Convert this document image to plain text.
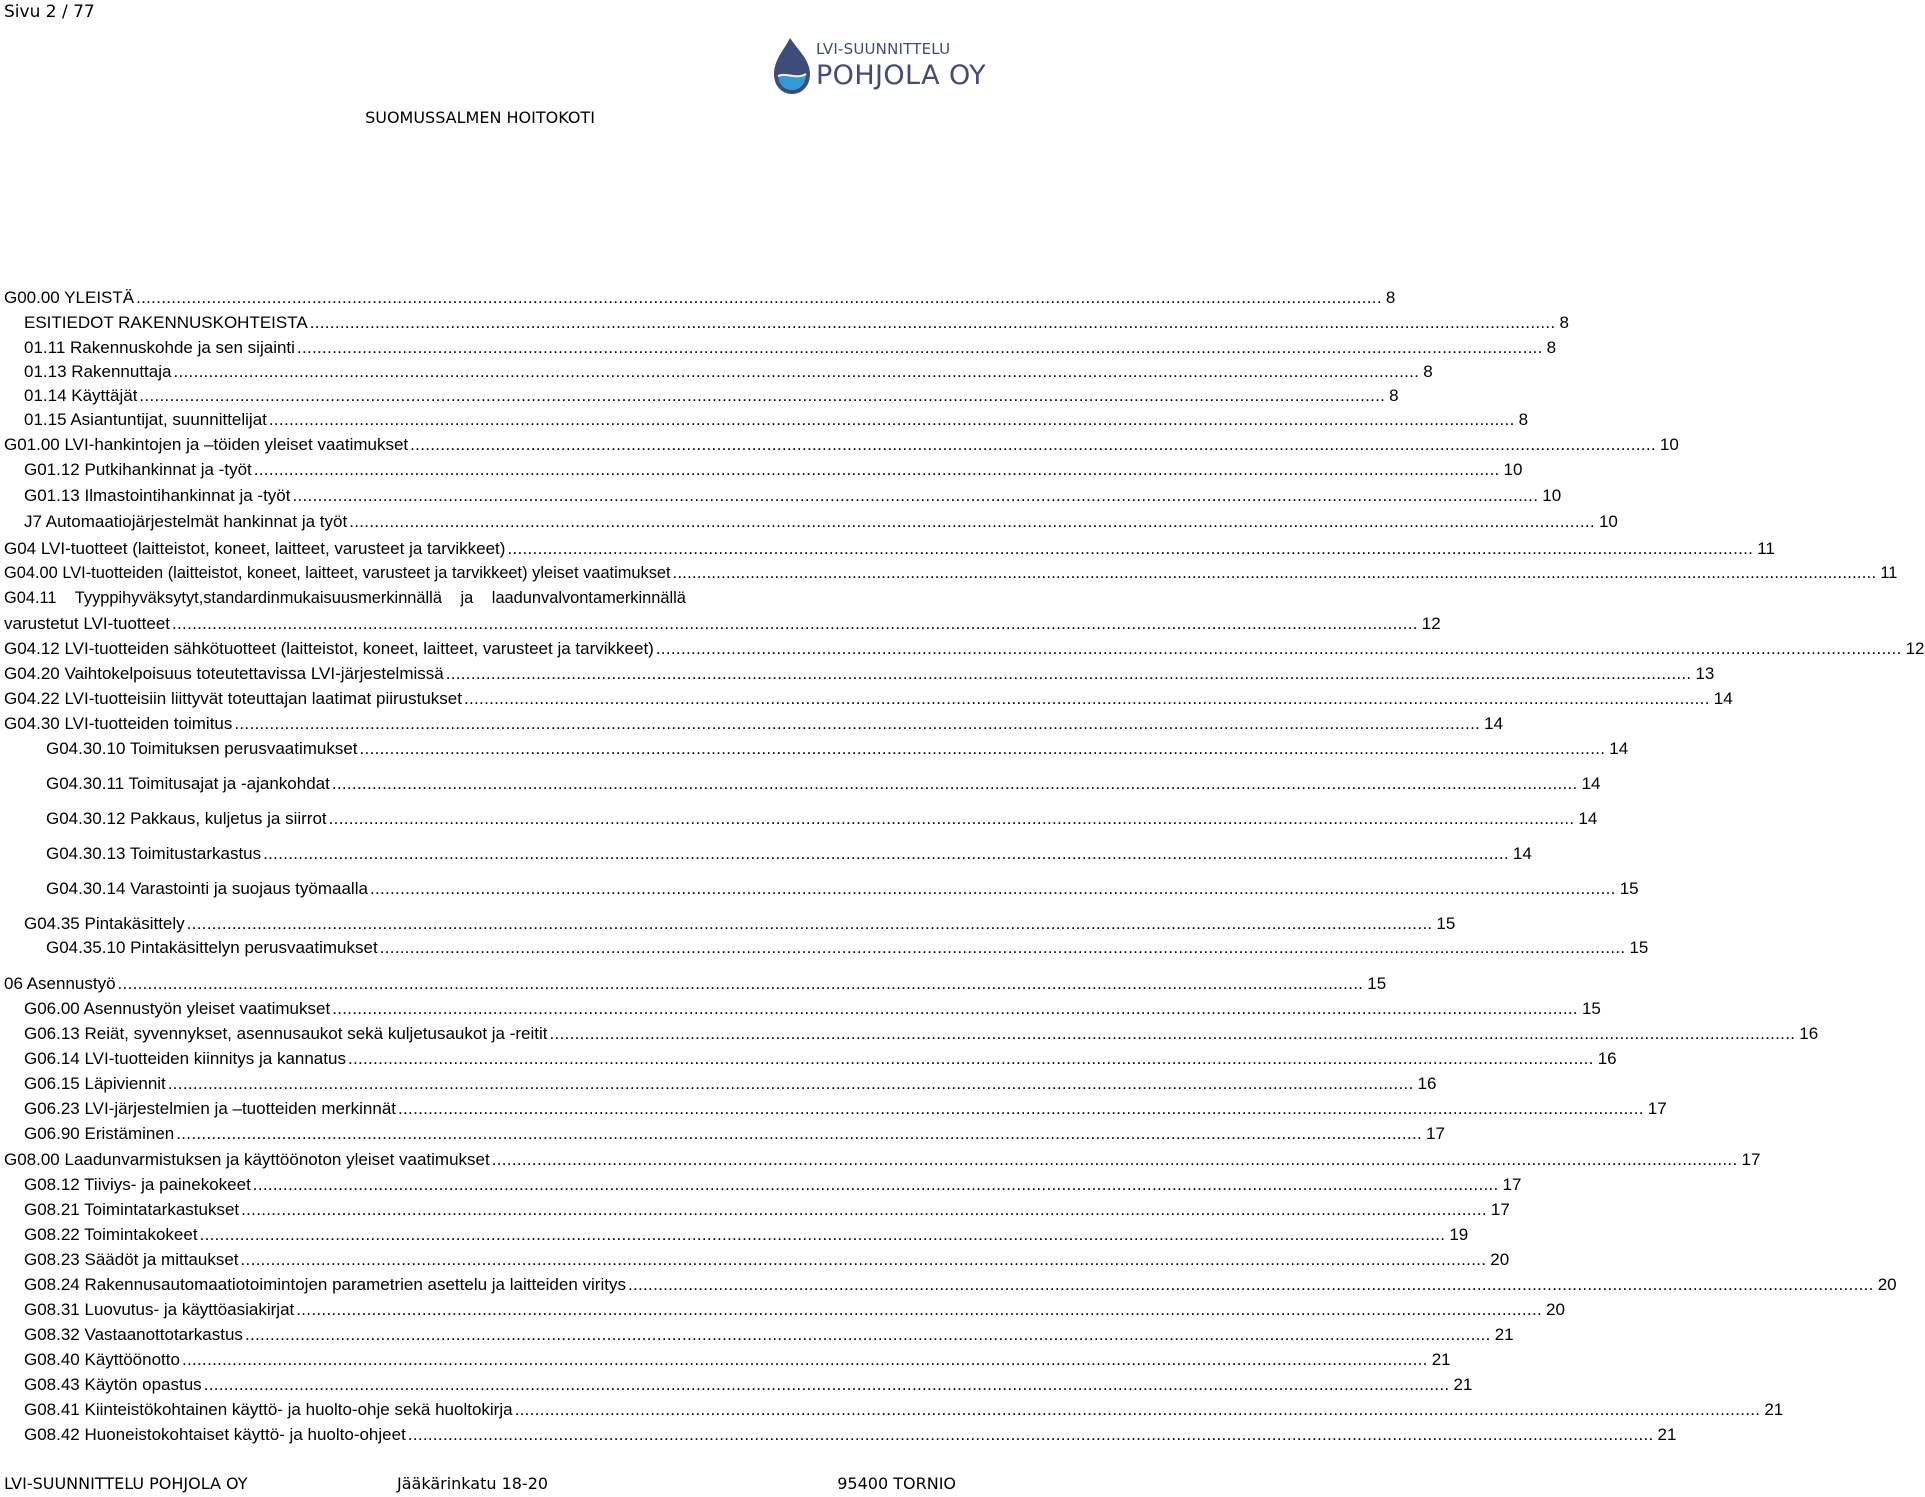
Sivu 2 / 77
LVI-SUUNNITTELU
POHJOLA OY
SUOMUSSALMEN HOITOKOTI
G00.00 YLEISTÄ .....	8
ESITIEDOT RAKENNUSKOHTEISTA .....	8
01.11 Rakennuskohde ja sen sijainti .....	8
01.13 Rakennuttaja .....	8
01.14 Käyttäjät .....	8
01.15 Asiantuntijat, suunnittelijat .....	8
G01.00 LVI-hankintojen ja –töiden yleiset vaatimukset .....	10
G01.12 Putkihankinnat ja -työt .....	10
G01.13 Ilmastointihankinnat ja -työt .....	10
J7 Automaatiojärjestelmät hankinnat ja työt .....	10
G04 LVI-tuotteet (laitteistot, koneet, laitteet, varusteet ja tarvikkeet) .....	11
G04.00 LVI-tuotteiden (laitteistot, koneet, laitteet, varusteet ja tarvikkeet) yleiset vaatimukset .....	11
G04.11 Tyyppihyväksytyt,standardinmukaisuusmerkinnällä ja laadunvalvontamerkinnällä
varustetut LVI-tuotteet .....	12
G04.12 LVI-tuotteiden sähkötuotteet (laitteistot, koneet, laitteet, varusteet ja tarvikkeet) .....	12
G04.20 Vaihtokelpoisuus toteutettavissa LVI-järjestelmissä .....	13
G04.22 LVI-tuotteisiin liittyvät toteuttajan laatimat piirustukset .....	14
G04.30 LVI-tuotteiden toimitus .....	14
G04.30.10 Toimituksen perusvaatimukset .....	14
G04.30.11 Toimitusajat ja -ajankohdat .....	14
G04.30.12 Pakkaus, kuljetus ja siirrot .....	14
G04.30.13 Toimitustarkastus .....	14
G04.30.14 Varastointi ja suojaus työmaalla .....	15
G04.35 Pintakäsittely .....	15
G04.35.10 Pintakäsittelyn perusvaatimukset .....	15
06 Asennustyö .....	15
G06.00 Asennustyön yleiset vaatimukset .....	15
G06.13 Reiät, syvennykset, asennusaukot sekä kuljetusaukot ja -reitit .....	16
G06.14 LVI-tuotteiden kiinnitys ja kannatus .....	16
G06.15 Läpiviennit .....	16
G06.23 LVI-järjestelmien ja –tuotteiden merkinnät .....	17
G06.90 Eristäminen .....	17
G08.00 Laadunvarmistuksen ja käyttöönoton yleiset vaatimukset .....	17
G08.12 Tiiviys- ja painekokeet .....	17
G08.21 Toimintatarkastukset .....	17
G08.22 Toimintakokeet .....	19
G08.23 Säädöt ja mittaukset .....	20
G08.24 Rakennusautomaatiotoimintojen parametrien asettelu ja laitteiden viritys .....	20
G08.31 Luovutus- ja käyttöasiakirjat .....	20
G08.32 Vastaanottotarkastus .....	21
G08.40 Käyttöönotto .....	21
G08.43 Käytön opastus .....	21
G08.41 Kiinteistökohtainen käyttö- ja huolto-ohje sekä huoltokirja .....	21
G08.42 Huoneistokohtaiset käyttö- ja huolto-ohjeet .....	21
LVI-SUUNNITTELU POHJOLA OY	Jääkärinkatu 18-20	95400 TORNIO
